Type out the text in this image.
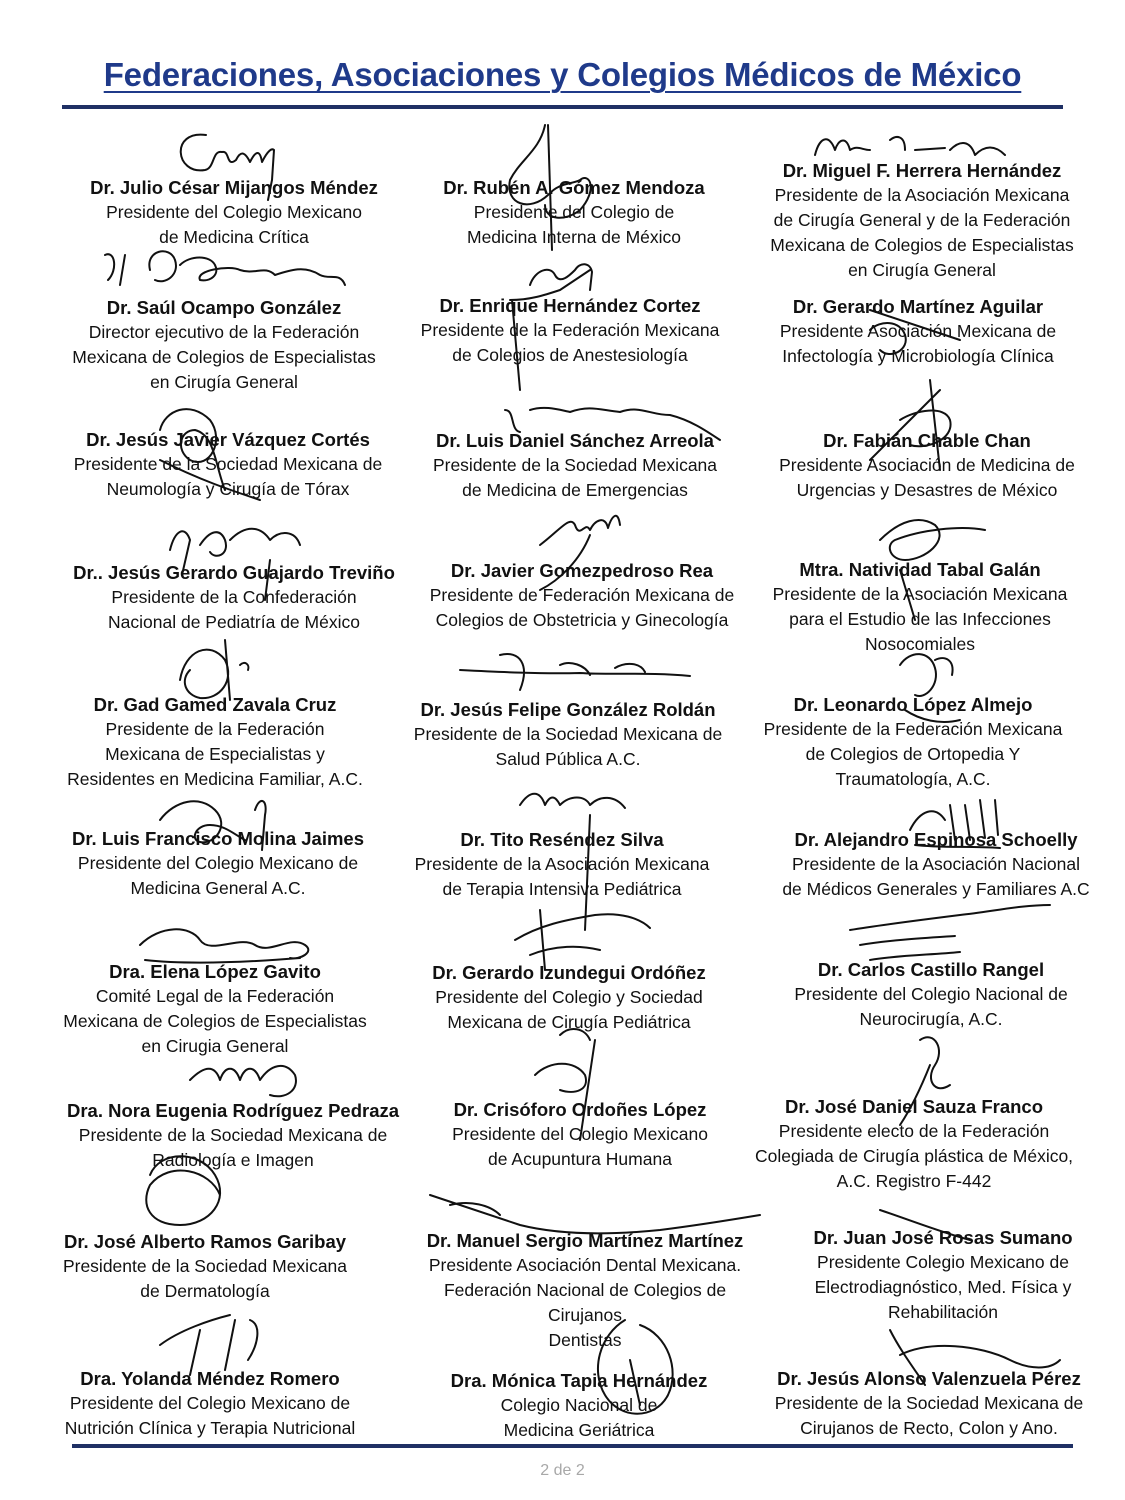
Federaciones, Asociaciones y Colegios Médicos de México
Dr. Julio César Mijangos Méndez
Presidente del Colegio Mexicano
de Medicina Crítica
Dr. Rubén A. Gómez Mendoza
Presidente del Colegio de
Medicina Interna de México
Dr. Miguel F. Herrera Hernández
Presidente de la Asociación Mexicana
de Cirugía General y de la Federación
Mexicana de Colegios de Especialistas
en Cirugía General
Dr. Saúl Ocampo González
Director ejecutivo de la Federación
Mexicana de Colegios de Especialistas
en Cirugía General
Dr. Enrique Hernández Cortez
Presidente de la Federación Mexicana
de Colegios de Anestesiología
Dr. Gerardo Martínez Aguilar
Presidente Asociación Mexicana de
Infectología y Microbiología Clínica
Dr. Jesús Javier Vázquez Cortés
Presidente de la Sociedad Mexicana de
Neumología y Cirugía de Tórax
Dr. Luis Daniel Sánchez Arreola
Presidente de la Sociedad Mexicana
de Medicina de Emergencias
Dr. Fabián Chable Chan
Presidente Asociación de Medicina de
Urgencias y Desastres de México
Dr.. Jesús Gerardo Guajardo Treviño
Presidente de la Confederación
Nacional de Pediatría de México
Dr. Javier Gomezpedroso Rea
Presidente de Federación Mexicana de
Colegios de Obstetricia y Ginecología
Mtra. Natividad Tabal Galán
Presidente de la Asociación Mexicana
para el Estudio de las Infecciones
Nosocomiales
Dr. Gad Gamed Zavala Cruz
Presidente de la Federación
Mexicana de Especialistas y
Residentes en Medicina Familiar, A.C.
Dr. Jesús Felipe González Roldán
Presidente de la Sociedad Mexicana de
Salud Pública A.C.
Dr. Leonardo López Almejo
Presidente de la Federación Mexicana
de Colegios de Ortopedia Y
Traumatología, A.C.
Dr. Luis Francisco Molina Jaimes
Presidente del Colegio Mexicano de
Medicina General A.C.
Dr. Tito Reséndez Silva
Presidente de la Asociación Mexicana
de Terapia Intensiva Pediátrica
Dr. Alejandro Espinosa Schoelly
Presidente de la Asociación Nacional
de Médicos Generales y Familiares A.C
Dra. Elena López Gavito
Comité Legal de la Federación
Mexicana de Colegios de Especialistas
en Cirugia General
Dr. Gerardo Izundegui Ordóñez
Presidente del Colegio y Sociedad
Mexicana de Cirugía Pediátrica
Dr. Carlos Castillo Rangel
Presidente del Colegio Nacional de
Neurocirugía, A.C.
Dra. Nora Eugenia Rodríguez Pedraza
Presidente de la Sociedad Mexicana de
Radiología e Imagen
Dr. Crisóforo Ordoñes López
Presidente del Colegio Mexicano
de Acupuntura Humana
Dr. José Daniel Sauza Franco
Presidente electo de la Federación
Colegiada de Cirugía plástica de México,
A.C. Registro F-442
Dr. José Alberto Ramos Garibay
Presidente de la Sociedad Mexicana
de Dermatología
Dr. Manuel Sergio Martínez Martínez
Presidente Asociación Dental Mexicana.
Federación Nacional de Colegios de Cirujanos
Dentistas
Dr. Juan José Rosas Sumano
Presidente Colegio Mexicano de
Electrodiagnóstico, Med. Física y
Rehabilitación
Dra. Yolanda Méndez Romero
Presidente del Colegio Mexicano de
Nutrición Clínica y Terapia Nutricional
Dra. Mónica Tapia Hernández
Colegio Nacional de
Medicina Geriátrica
Dr. Jesús Alonso Valenzuela Pérez
Presidente de la Sociedad Mexicana de
Cirujanos de Recto, Colon y Ano.
2 de 2
